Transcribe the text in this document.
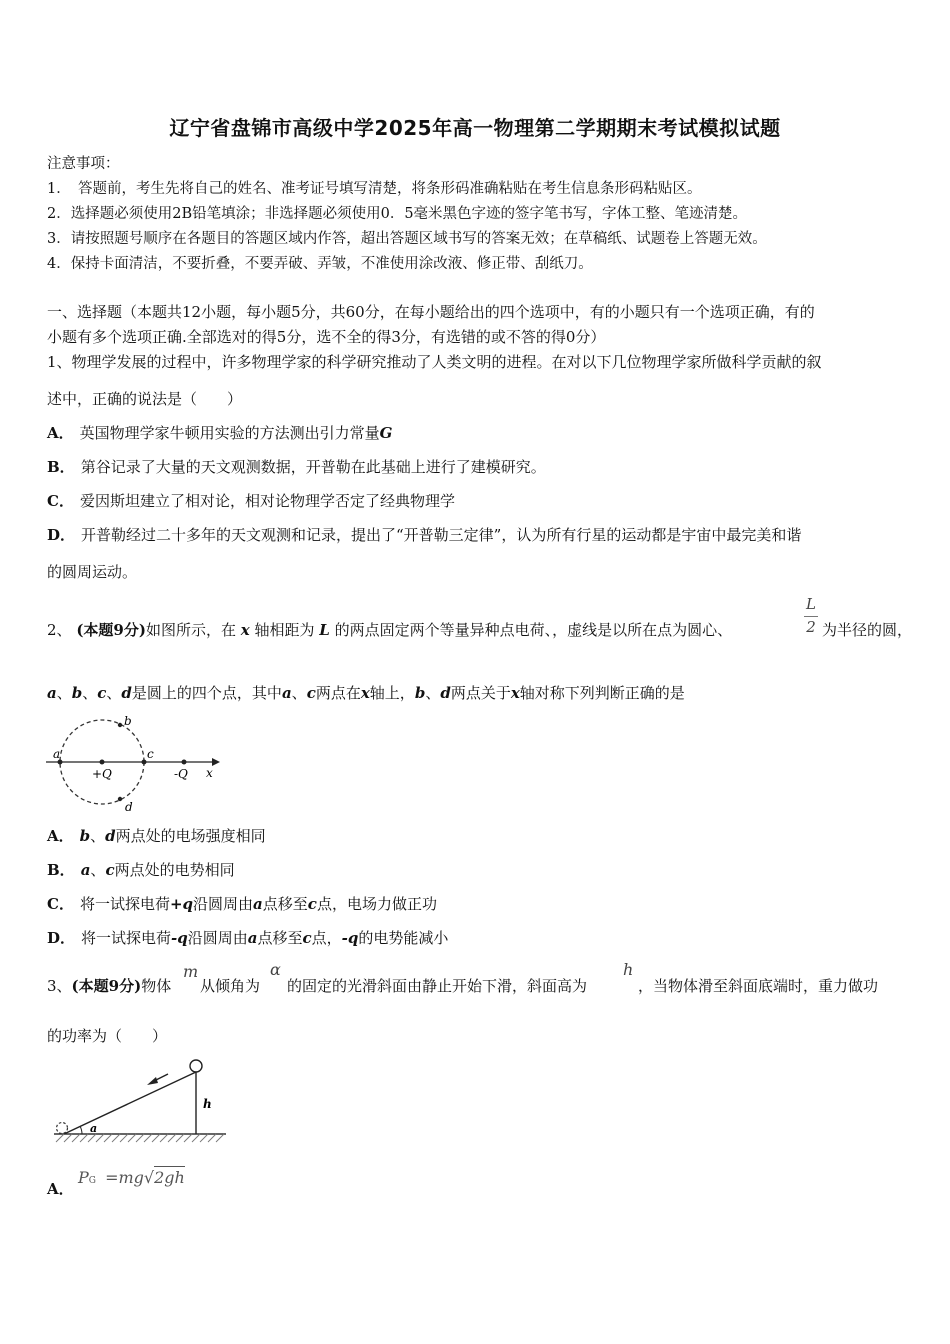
辽宁省盘锦市高级中学2025年高一物理第二学期期末考试模拟试题
注意事项：
1．　答题前，考生先将自己的姓名、准考证号填写清楚，将条形码准确粘贴在考生信息条形码粘贴区。
2．选择题必须使用2B铅笔填涂；非选择题必须使用0．5毫米黑色字迹的签字笔书写，字体工整、笔迹清楚。
3．请按照题号顺序在各题目的答题区域内作答，超出答题区域书写的答案无效；在草稿纸、试题卷上答题无效。
4．保持卡面清洁，不要折叠，不要弄破、弄皱，不准使用涂改液、修正带、刮纸刀。
一、选择题（本题共12小题，每小题5分，共60分，在每小题给出的四个选项中，有的小题只有一个选项正确，有的
小题有多个选项正确.全部选对的得5分，选不全的得3分，有选错的或不答的得0分）
1、物理学发展的过程中，许多物理学家的科学研究推动了人类文明的进程。在对以下几位物理学家所做科学贡献的叙
述中，正确的说法是（　　）
A． 英国物理学家牛顿用实验的方法测出引力常量G
B． 第谷记录了大量的天文观测数据，开普勒在此基础上进行了建模研究。
C． 爱因斯坦建立了相对论，相对论物理学否定了经典物理学
D． 开普勒经过二十多年的天文观测和记录，提出了“开普勒三定律”，认为所有行星的运动都是宇宙中最完美和谐
的圆周运动。
2、 (本题9分)如图所示，在 x 轴相距为 L 的两点固定两个等量异种点电荷、，虚线是以所在点为圆心、
L
2 为半径的圆，
a、b、c、d是圆上的四个点，其中a、c两点在x轴上，b、d两点关于x轴对称下列判断正确的是
a
b
c
d
+Q	-Q x
A． b、d两点处的电场强度相同
B． a、c两点处的电势相同
C． 将一试探电荷+q沿圆周由a点移至c点，电场力做正功
D． 将一试探电荷-q沿圆周由a点移至c点，-q的电势能减小
3、(本题9分)物体
m
从倾角为
α
的固定的光滑斜面由静止开始下滑，斜面高为
h
，当物体滑至斜面底端时，重力做功
的功率为（　　）
a
h
A．
PG =mg√2gh
